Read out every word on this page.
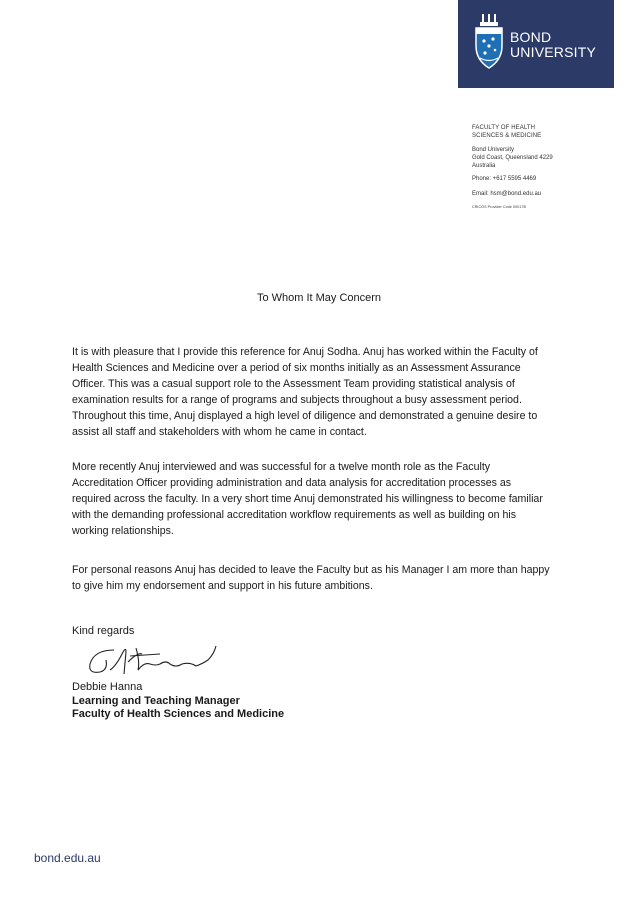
BOND
UNIVERSITY
FACULTY OF HEALTH
SCIENCES & MEDICINE
Bond University
Gold Coast, Queensland 4229
Australia
Phone: +617 5595 4469
Email: hsm@bond.edu.au
CRICOS Provider Code 00017B
To Whom It May Concern

It is with pleasure that I provide this reference for Anuj Sodha. Anuj has worked within the Faculty of Health Sciences and Medicine over a period of six months initially as an Assessment Assurance Officer. This was a casual support role to the Assessment Team providing statistical analysis of examination results for a range of programs and subjects throughout a busy assessment period. Throughout this time, Anuj displayed a high level of diligence and demonstrated a genuine desire to assist all staff and stakeholders with whom he came in contact.

More recently Anuj interviewed and was successful for a twelve month role as the Faculty Accreditation Officer providing administration and data analysis for accreditation processes as required across the faculty. In a very short time Anuj demonstrated his willingness to become familiar with the demanding professional accreditation workflow requirements as well as building on his working relationships.

For personal reasons Anuj has decided to leave the Faculty but as his Manager I am more than happy to give him my endorsement and support in his future ambitions.

Kind regards
Debbie Hanna
Learning and Teaching Manager
Faculty of Health Sciences and Medicine
bond.edu.au
